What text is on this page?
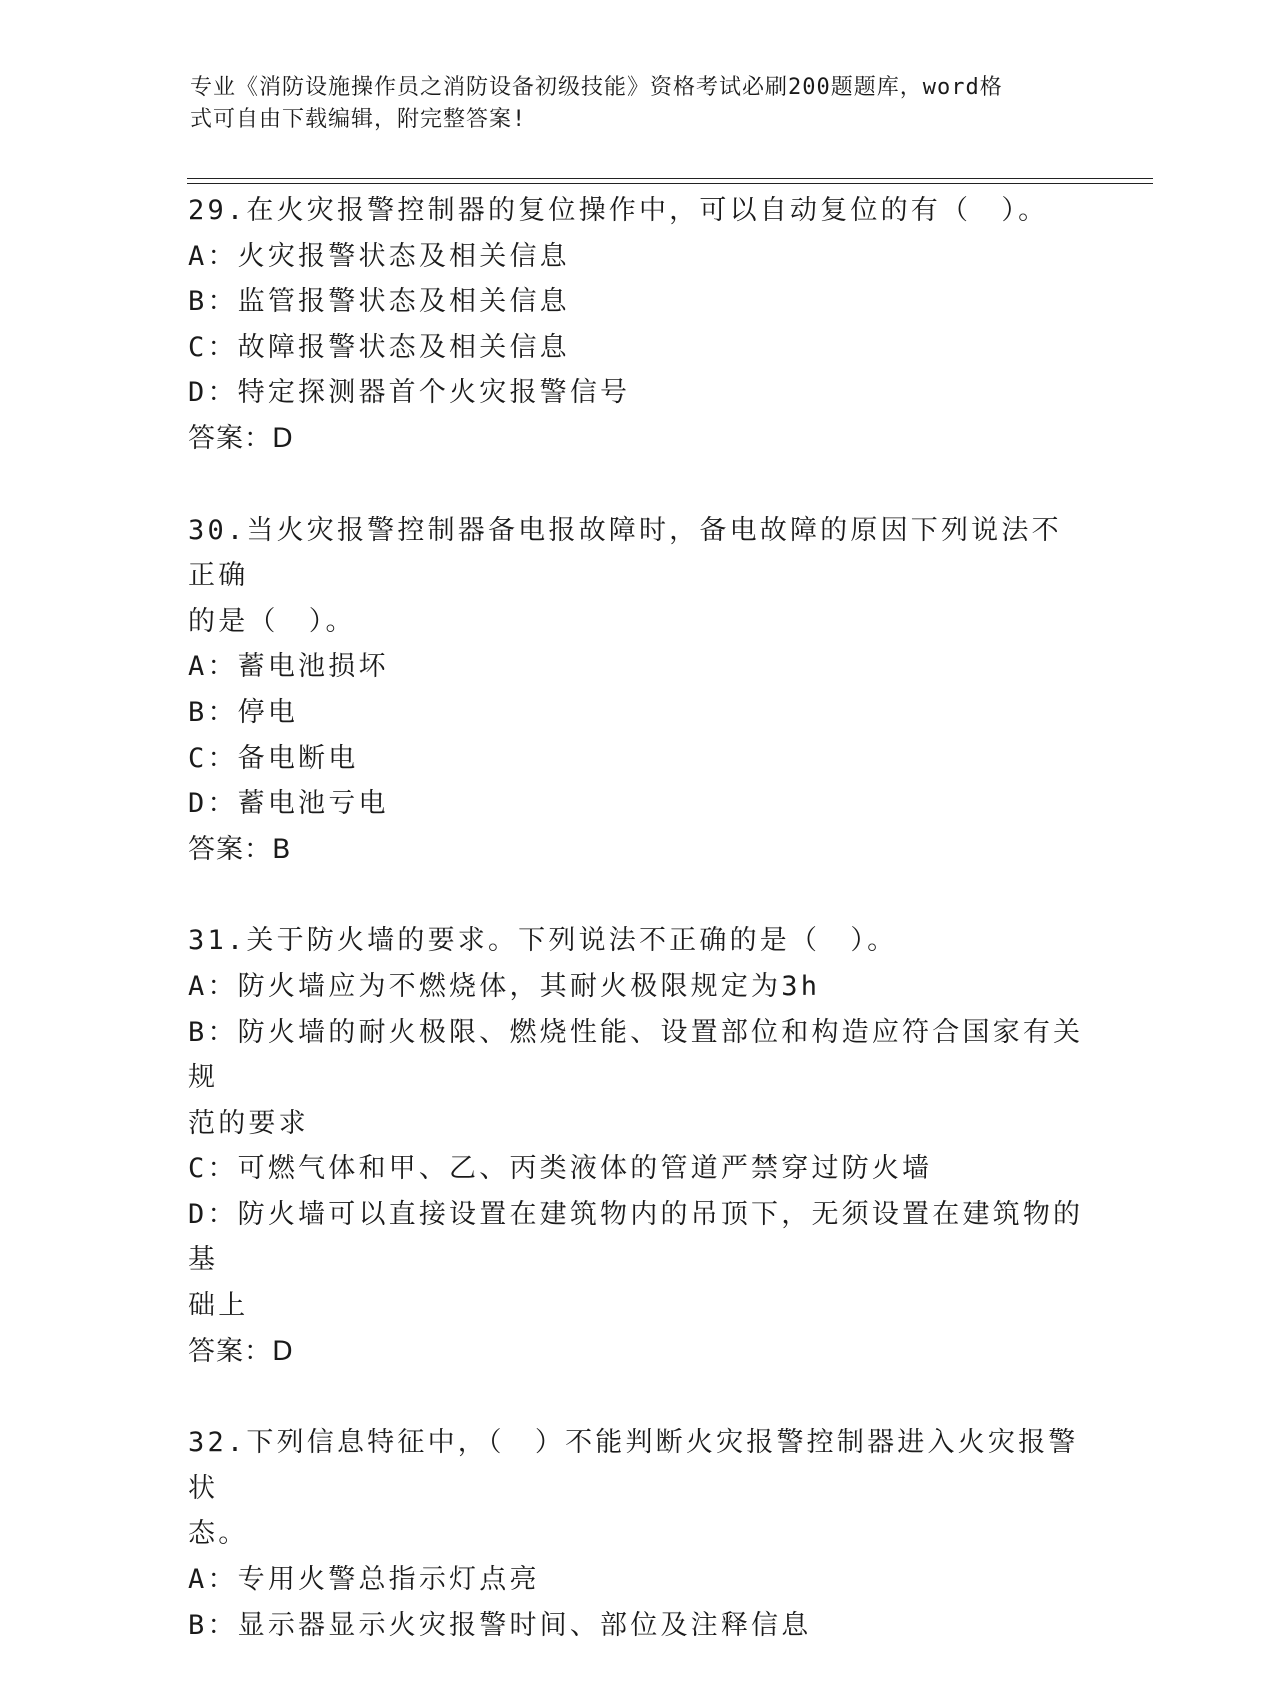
专业《消防设施操作员之消防设备初级技能》资格考试必刷200题题库，word格
式可自由下载编辑，附完整答案!
29.在火灾报警控制器的复位操作中，可以自动复位的有（　）。
A：火灾报警状态及相关信息
B：监管报警状态及相关信息
C：故障报警状态及相关信息
D：特定探测器首个火灾报警信号
答案：D
30.当火灾报警控制器备电报故障时，备电故障的原因下列说法不正确
的是（　）。
A：蓄电池损坏
B：停电
C：备电断电
D：蓄电池亏电
答案：B
31.关于防火墙的要求。下列说法不正确的是（　）。
A：防火墙应为不燃烧体，其耐火极限规定为3h
B：防火墙的耐火极限、燃烧性能、设置部位和构造应符合国家有关规
范的要求
C：可燃气体和甲、乙、丙类液体的管道严禁穿过防火墙
D：防火墙可以直接设置在建筑物内的吊顶下，无须设置在建筑物的基
础上
答案：D
32.下列信息特征中，（　）不能判断火灾报警控制器进入火灾报警状
态。
A：专用火警总指示灯点亮
B：显示器显示火灾报警时间、部位及注释信息
